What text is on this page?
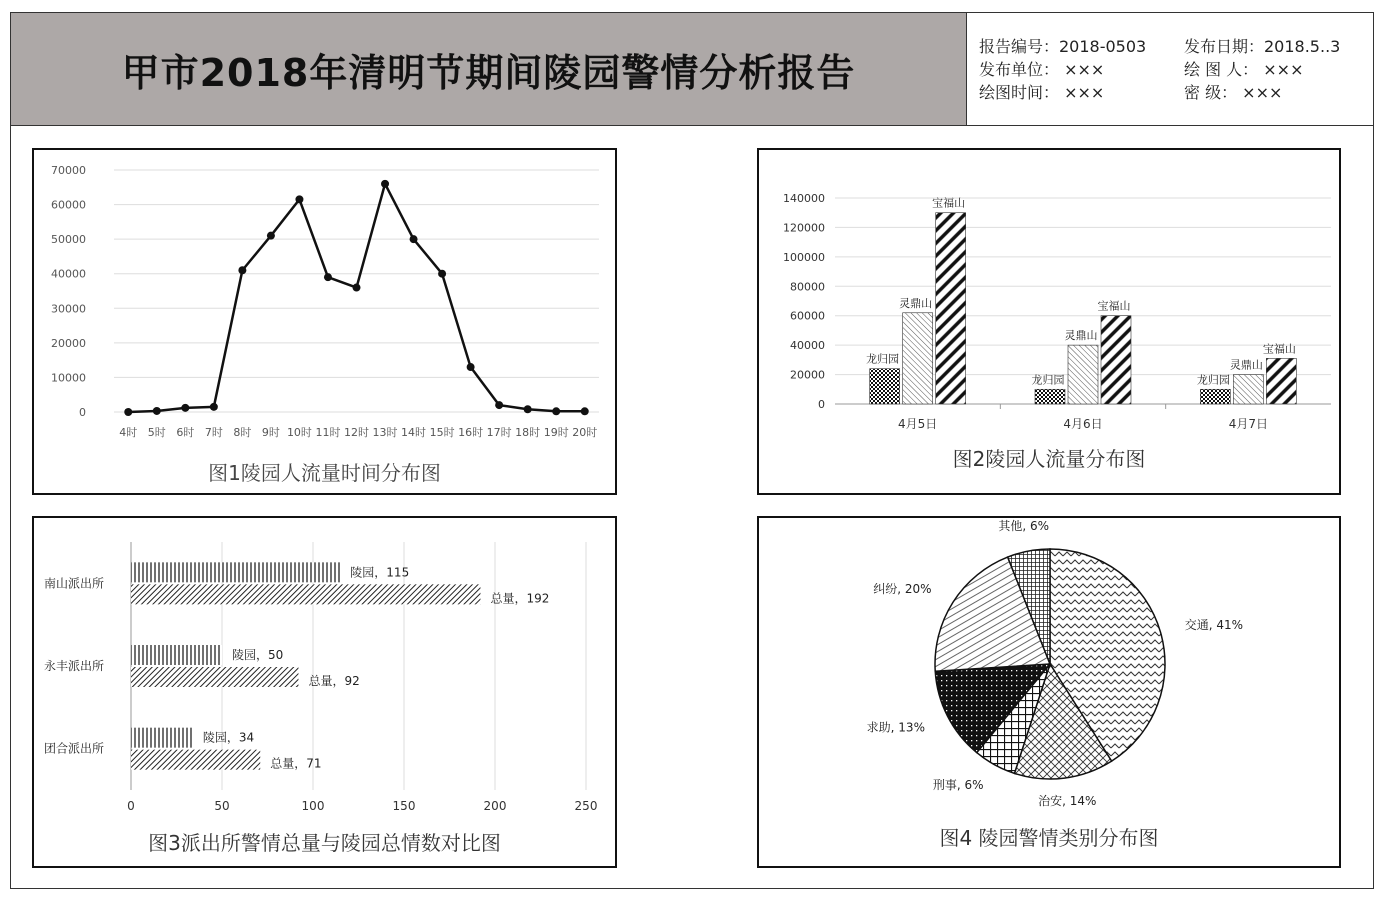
甲市2018年清明节期间陵园警情分析报告
报告编号：2018-0503	发布日期：2018.5..3
发布单位： ×××	绘 图 人： ×××
绘图时间： ×××	密 级： ×××
0
10000
20000
30000
40000
50000
60000
70000
4时 5时 6时 7时 8时 9时 10时 11时 12时 13时 14时 15时 16时 17时 18时 19时 20时
图1陵园人流量时间分布图
0
20000
40000
60000
80000
100000
120000
140000
4月5日
龙归园
灵鼎山
宝福山
4月6日
龙归园
灵鼎山
宝福山
4月7日
龙归园
灵鼎山
宝福山
图2陵园人流量分布图
0	50	100	150	200	250
南山派出所
陵园，115
总量，192
永丰派出所
陵园，50
总量，92
团合派出所
陵园，34
总量，71
图3派出所警情总量与陵园总情数对比图
交通, 41%
治安, 14%
刑事, 6%
求助, 13%
纠纷, 20%
其他, 6%
图4 陵园警情类别分布图
